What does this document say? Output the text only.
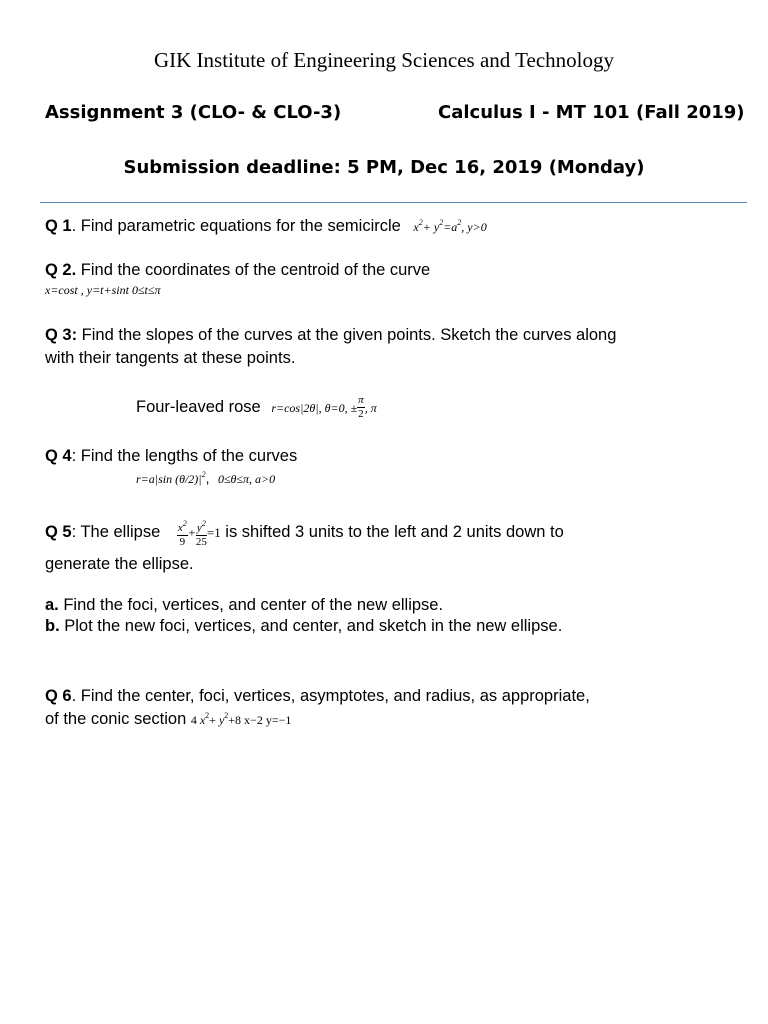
GIK Institute of Engineering Sciences and Technology
Assignment 3 (CLO- & CLO-3)	Calculus I - MT 101 (Fall 2019)
Submission deadline: 5 PM, Dec 16, 2019 (Monday)
Q 1. Find parametric equations for the semicircle $x^2+ y^2=a^2$, y>0
Q 2. Find the coordinates of the centroid of the curve
x=cost , y=t+sint 0≤t≤π
Q 3: Find the slopes of the curves at the given points. Sketch the curves along
with their tangents at these points.
Four-leaved rose r=cos|2θ|, θ=0, ± $\frac{\pi}{2}$ , π
Q 4: Find the lengths of the curves
r=a|sin $(\theta/2)|^2$, 0≤θ≤π, a>0
Q 5: The ellipse $\frac{x^2}{9} + \frac{y^2}{25} =1$ is shifted 3 units to the left and 2 units down to
generate the ellipse.
a. Find the foci, vertices, and center of the new ellipse.
b. Plot the new foci, vertices, and center, and sketch in the new ellipse.
Q 6. Find the center, foci, vertices, asymptotes, and radius, as appropriate,
of the conic section 4 $x^2+ y^2+8$ x−2 y=−1
